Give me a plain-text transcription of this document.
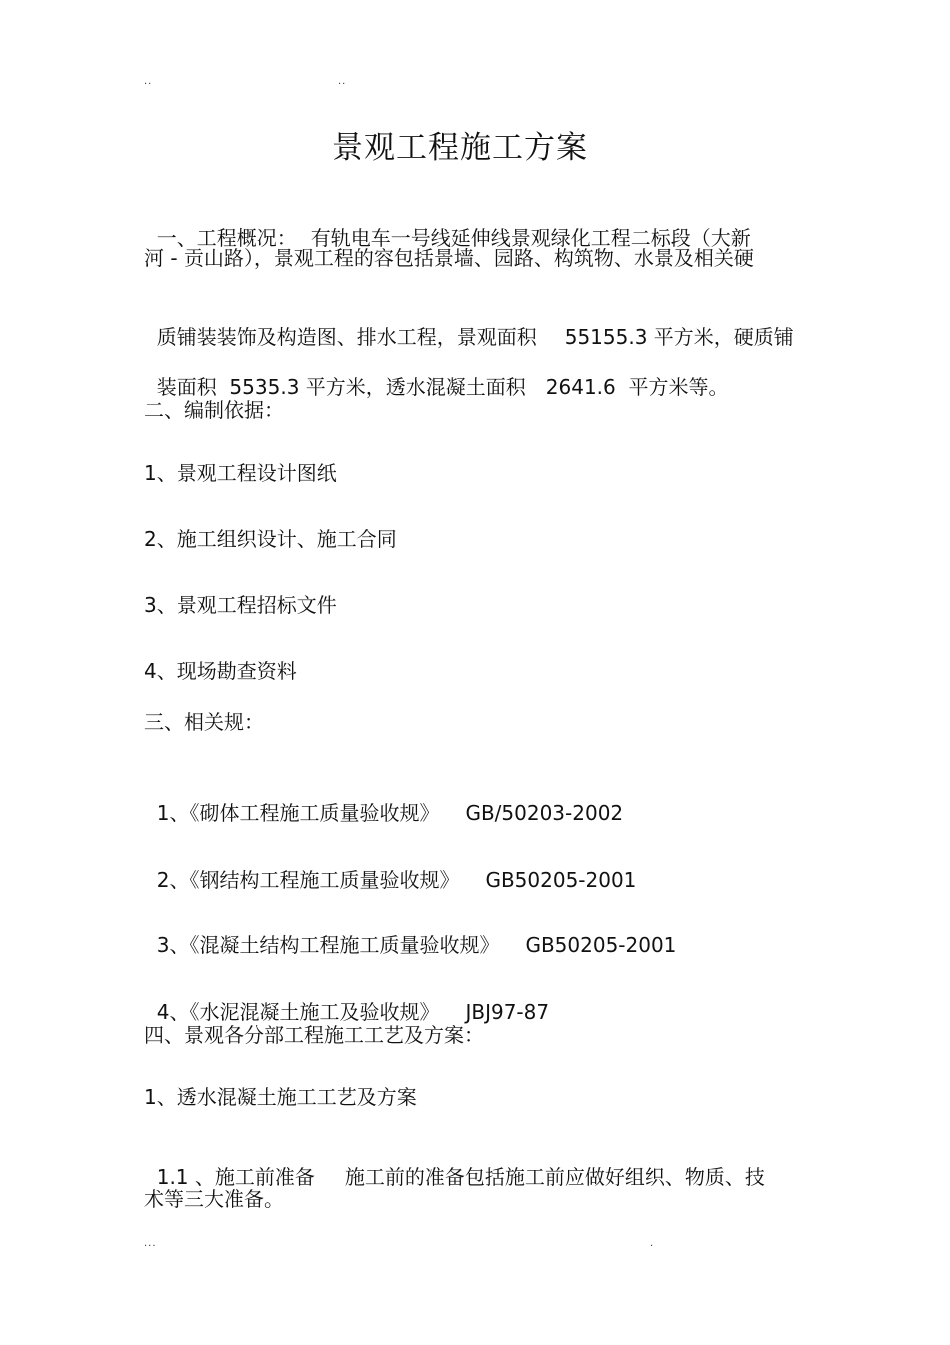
..	..
景观工程施工方案

一、工程概况： 有轨电车一号线延伸线景观绿化工程二标段（大新

河 - 贡山路），景观工程的容包括景墙、园路、构筑物、水景及相关硬

质铺装装饰及构造图、排水工程，景观面积 55155.3 平方米，硬质铺

装面积  5535.3 平方米，透水混凝土面积 2641.6  平方米等。

二、编制依据：
1、景观工程设计图纸
2、施工组织设计、施工合同
3、景观工程招标文件
4、现场勘查资料
三、相关规：

1、《砌体工程施工质量验收规》 GB/50203-2002

2、《钢结构工程施工质量验收规》 GB50205-2001

3、《混凝土结构工程施工质量验收规》 GB50205-2001

4、《水泥混凝土施工及验收规》 JBJ97-87

四、景观各分部工程施工工艺及方案：
1、透水混凝土施工工艺及方案

1.1 、施工前准备 施工前的准备包括施工前应做好组织、物质、技

术等三大准备。
...	.
